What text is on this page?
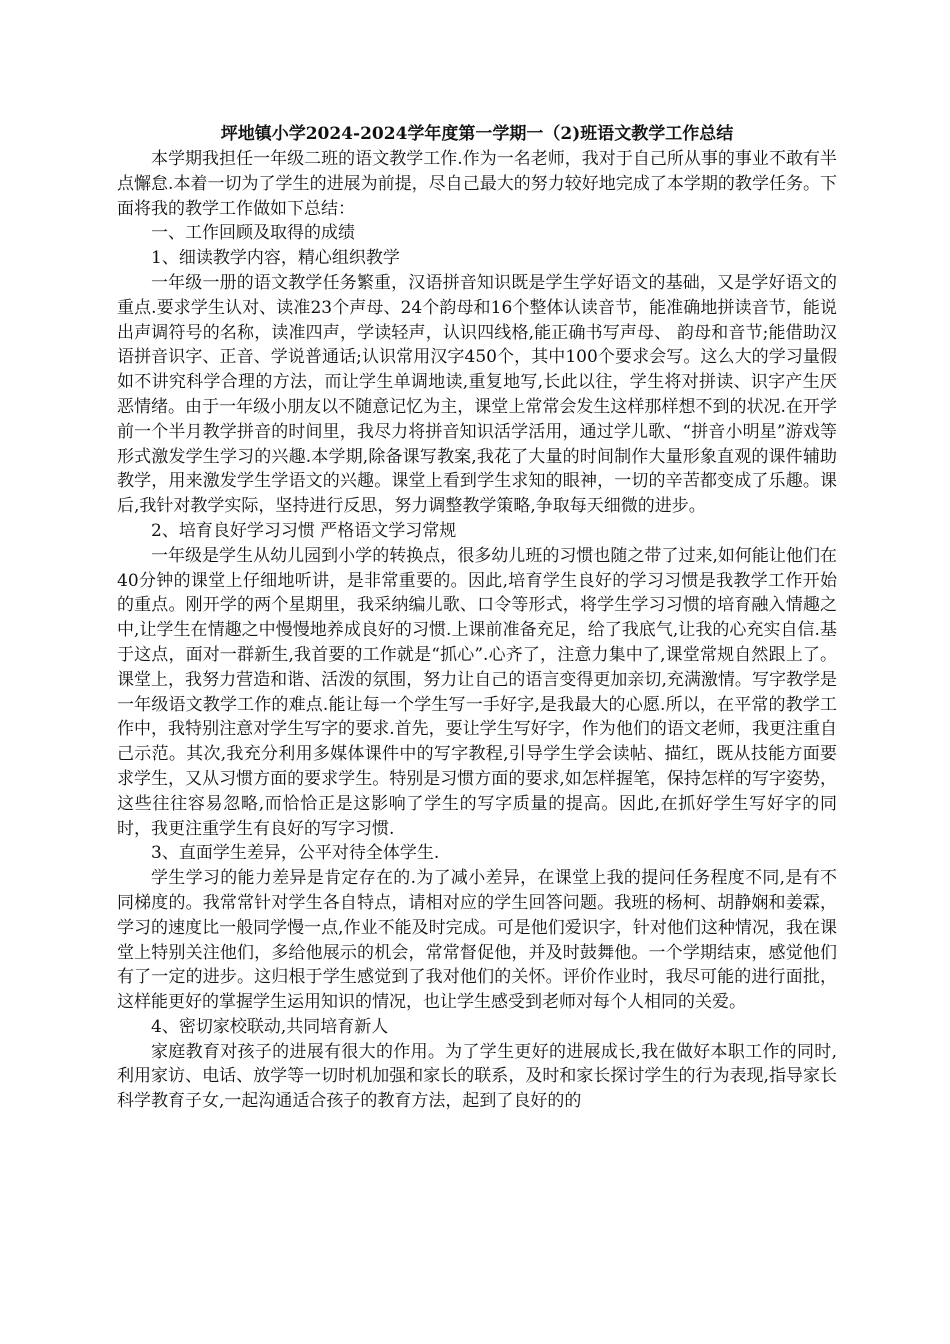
坪地镇小学2024-2024学年度第一学期一（2)班语文教学工作总结

本学期我担任一年级二班的语文教学工作.作为一名老师，我对于自己所从事的事业不敢有半点懈怠.本着一切为了学生的进展为前提，尽自己最大的努力较好地完成了本学期的教学任务。下面将我的教学工作做如下总结：

一、工作回顾及取得的成绩

1、细读教学内容，精心组织教学

一年级一册的语文教学任务繁重，汉语拼音知识既是学生学好语文的基础，又是学好语文的重点.要求学生认对、读准23个声母、24个韵母和16个整体认读音节，能准确地拼读音节，能说出声调符号的名称，读准四声，学读轻声，认识四线格,能正确书写声母、 韵母和音节;能借助汉语拼音识字、正音、学说普通话;认识常用汉字450个，其中100个要求会写。这么大的学习量假如不讲究科学合理的方法，而让学生单调地读,重复地写,长此以往，学生将对拼读、识字产生厌恶情绪。由于一年级小朋友以不随意记忆为主，课堂上常常会发生这样那样想不到的状况.在开学前一个半月教学拼音的时间里，我尽力将拼音知识活学活用，通过学儿歌、“拼音小明星”游戏等形式激发学生学习的兴趣.本学期,除备课写教案,我花了大量的时间制作大量形象直观的课件辅助教学，用来激发学生学语文的兴趣。课堂上看到学生求知的眼神，一切的辛苦都变成了乐趣。课后,我针对教学实际，坚持进行反思，努力调整教学策略,争取每天细微的进步。

2、培育良好学习习惯 严格语文学习常规

一年级是学生从幼儿园到小学的转换点，很多幼儿班的习惯也随之带了过来,如何能让他们在 40分钟的课堂上仔细地听讲，是非常重要的。因此,培育学生良好的学习习惯是我教学工作开始的重点。刚开学的两个星期里，我采纳编儿歌、口令等形式，将学生学习习惯的培育融入情趣之中,让学生在情趣之中慢慢地养成良好的习惯.上课前准备充足，给了我底气,让我的心充实自信.基于这点，面对一群新生,我首要的工作就是“抓心”.心齐了，注意力集中了,课堂常规自然跟上了。课堂上，我努力营造和谐、活泼的氛围，努力让自己的语言变得更加亲切,充满激情。写字教学是一年级语文教学工作的难点.能让每一个学生写一手好字,是我最大的心愿.所以，在平常的教学工作中，我特别注意对学生写字的要求.首先，要让学生写好字，作为他们的语文老师，我更注重自己示范。其次,我充分利用多媒体课件中的写字教程,引导学生学会读帖、描红，既从技能方面要求学生，又从习惯方面的要求学生。特别是习惯方面的要求,如怎样握笔，保持怎样的写字姿势，这些往往容易忽略,而恰恰正是这影响了学生的写字质量的提高。因此,在抓好学生写好字的同时，我更注重学生有良好的写字习惯.

3、直面学生差异，公平对待全体学生.

学生学习的能力差异是肯定存在的.为了减小差异，在课堂上我的提问任务程度不同,是有不同梯度的。我常常针对学生各自特点，请相对应的学生回答问题。我班的杨柯、胡静娴和姜霖，学习的速度比一般同学慢一点,作业不能及时完成。可是他们爱识字，针对他们这种情况，我在课堂上特别关注他们，多给他展示的机会，常常督促他，并及时鼓舞他。一个学期结束，感觉他们有了一定的进步。这归根于学生感觉到了我对他们的关怀。评价作业时，我尽可能的进行面批，这样能更好的掌握学生运用知识的情况，也让学生感受到老师对每个人相同的关爱。

4、密切家校联动,共同培育新人

家庭教育对孩子的进展有很大的作用。为了学生更好的进展成长,我在做好本职工作的同时,利用家访、电话、放学等一切时机加强和家长的联系，及时和家长探讨学生的行为表现,指导家长科学教育子女,一起沟通适合孩子的教育方法，起到了良好的的
